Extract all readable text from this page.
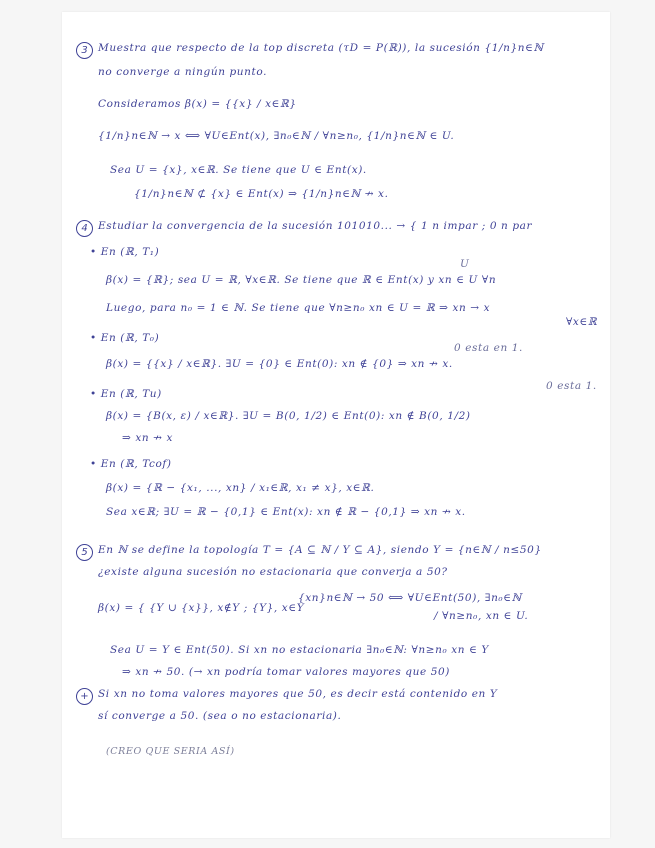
3 Muestra que respecto de la top discreta (τD = P(ℝ)), la sucesión {1/n}n∈ℕ
no converge a ningún punto.
Consideramos β(x) = {{x} / x∈ℝ}
{1/n}n∈ℕ → x ⟺ ∀U∈Ent(x), ∃n₀∈ℕ / ∀n≥n₀, {1/n}n∈ℕ ∈ U.
Sea U = {x}, x∈ℝ. Se tiene que U ∈ Ent(x).
{1/n}n∈ℕ ⊄ {x} ∈ Ent(x) ⇒ {1/n}n∈ℕ ↛ x.
4 Estudiar la convergencia de la sucesión 101010... → { 1 n impar ; 0 n par
• En (ℝ, T₁)
U
β(x) = {ℝ}; sea U = ℝ, ∀x∈ℝ. Se tiene que ℝ ∈ Ent(x) y xn ∈ U ∀n
Luego, para n₀ = 1 ∈ ℕ. Se tiene que ∀n≥n₀ xn ∈ U = ℝ ⇒ xn → x
∀x∈ℝ
• En (ℝ, T₀)
0 esta en 1.
β(x) = {{x} / x∈ℝ}. ∃U = {0} ∈ Ent(0): xn ∉ {0} ⇒ xn ↛ x.
• En (ℝ, Tu)
0 esta 1.
β(x) = {B(x, ε) / x∈ℝ}. ∃U = B(0, 1/2) ∈ Ent(0): xn ∉ B(0, 1/2)
⇒ xn ↛ x
• En (ℝ, Tcof)
β(x) = {ℝ − {x₁, ..., xn} / x₁∈ℝ, x₁ ≠ x}, x∈ℝ.
Sea x∈ℝ; ∃U = ℝ − {0,1} ∈ Ent(x): xn ∉ ℝ − {0,1} ⇒ xn ↛ x.
5 En ℕ se define la topología T = {A ⊆ ℕ / Y ⊆ A}, siendo Y = {n∈ℕ / n≤50}
¿existe alguna sucesión no estacionaria que converja a 50?
β(x) = { {Y ∪ {x}}, x∉Y ; {Y}, x∈Y
{xn}n∈ℕ → 50 ⟺ ∀U∈Ent(50), ∃n₀∈ℕ
/ ∀n≥n₀, xn ∈ U.
Sea U = Y ∈ Ent(50). Si xn no estacionaria ∃n₀∈ℕ: ∀n≥n₀ xn ∈ Y
⇒ xn ↛ 50. (→ xn podría tomar valores mayores que 50)
+ Si xn no toma valores mayores que 50, es decir está contenido en Y
sí converge a 50. (sea o no estacionaria).
(CREO QUE SERIA ASÍ)
